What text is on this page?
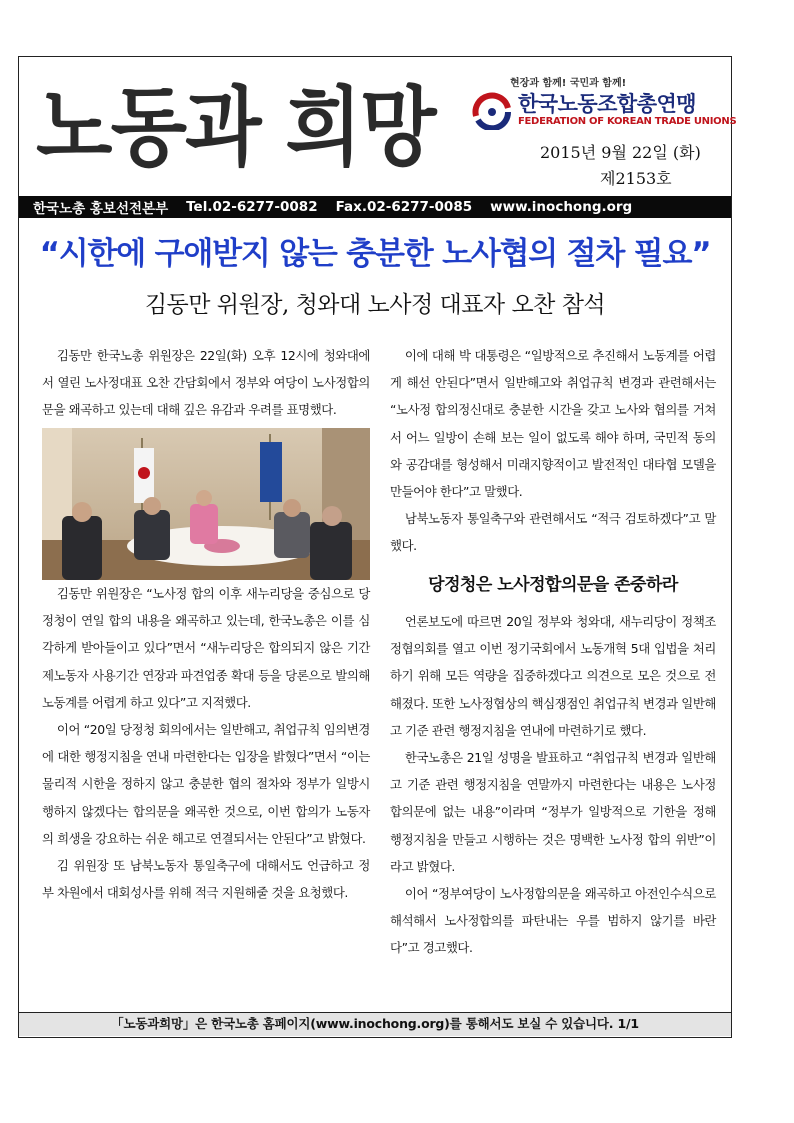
노동과 희망	현장과 함께! 국민과 함께!
한국노동조합총연맹
FEDERATION OF KOREAN TRADE UNIONS
2015년 9월 22일 (화)
제2153호
한국노총 홍보선전본부 Tel.02-6277-0082 Fax.02-6277-0085 www.inochong.org
“시한에 구애받지 않는 충분한 노사협의 절차 필요”
김동만 위원장, 청와대 노사정 대표자 오찬 참석

김동만 한국노총 위원장은 22일(화) 오후 12시에 청와대에서 열린 노사정대표 오찬 간담회에서 정부와 여당이 노사정합의문을 왜곡하고 있는데 대해 깊은 유감과 우려를 표명했다.

김동만 위원장은 “노사정 합의 이후 새누리당을 중심으로 당정청이 연일 합의 내용을 왜곡하고 있는데, 한국노총은 이를 심각하게 받아들이고 있다”면서 “새누리당은 합의되지 않은 기간제노동자 사용기간 연장과 파견업종 확대 등을 당론으로 발의해 노동계를 어렵게 하고 있다”고 지적했다.

이어 “20일 당정청 회의에서는 일반해고, 취업규칙 임의변경에 대한 행정지침을 연내 마련한다는 입장을 밝혔다”면서 “이는 물리적 시한을 정하지 않고 충분한 협의 절차와 정부가 일방시행하지 않겠다는 합의문을 왜곡한 것으로, 이번 합의가 노동자의 희생을 강요하는 쉬운 해고로 연결되서는 안된다”고 밝혔다.

김 위원장 또 남북노동자 통일축구에 대해서도 언급하고 정부 차원에서 대회성사를 위해 적극 지원해줄 것을 요청했다.

이에 대해 박 대통령은 “일방적으로 추진해서 노동계를 어렵게 해선 안된다”면서 일반해고와 취업규칙 변경과 관련해서는 “노사정 합의정신대로 충분한 시간을 갖고 노사와 협의를 거쳐서 어느 일방이 손해 보는 일이 없도록 해야 하며, 국민적 동의와 공감대를 형성해서 미래지향적이고 발전적인 대타협 모델을 만들어야 한다”고 말했다.

남북노동자 통일축구와 관련해서도 “적극 검토하겠다”고 말했다.

당정청은 노사정합의문을 존중하라

언론보도에 따르면 20일 정부와 청와대, 새누리당이 정책조정협의회를 열고 이번 정기국회에서 노동개혁 5대 입법을 처리하기 위해 모든 역량을 집중하겠다고 의견으로 모은 것으로 전해졌다. 또한 노사정협상의 핵심쟁점인 취업규칙 변경과 일반해고 기준 관련 행정지침을 연내에 마련하기로 했다.

한국노총은 21일 성명을 발표하고 “취업규칙 변경과 일반해고 기준 관련 행정지침을 연말까지 마련한다는 내용은 노사정 합의문에 없는 내용”이라며 “정부가 일방적으로 기한을 정해 행정지침을 만들고 시행하는 것은 명백한 노사정 합의 위반”이라고 밝혔다.

이어 “정부여당이 노사정합의문을 왜곡하고 아전인수식으로 해석해서 노사정합의를 파탄내는 우를 범하지 않기를 바란다”고 경고했다.

「노동과희망」은 한국노총 홈페이지(www.inochong.org)를 통해서도 보실 수 있습니다. 1/1
